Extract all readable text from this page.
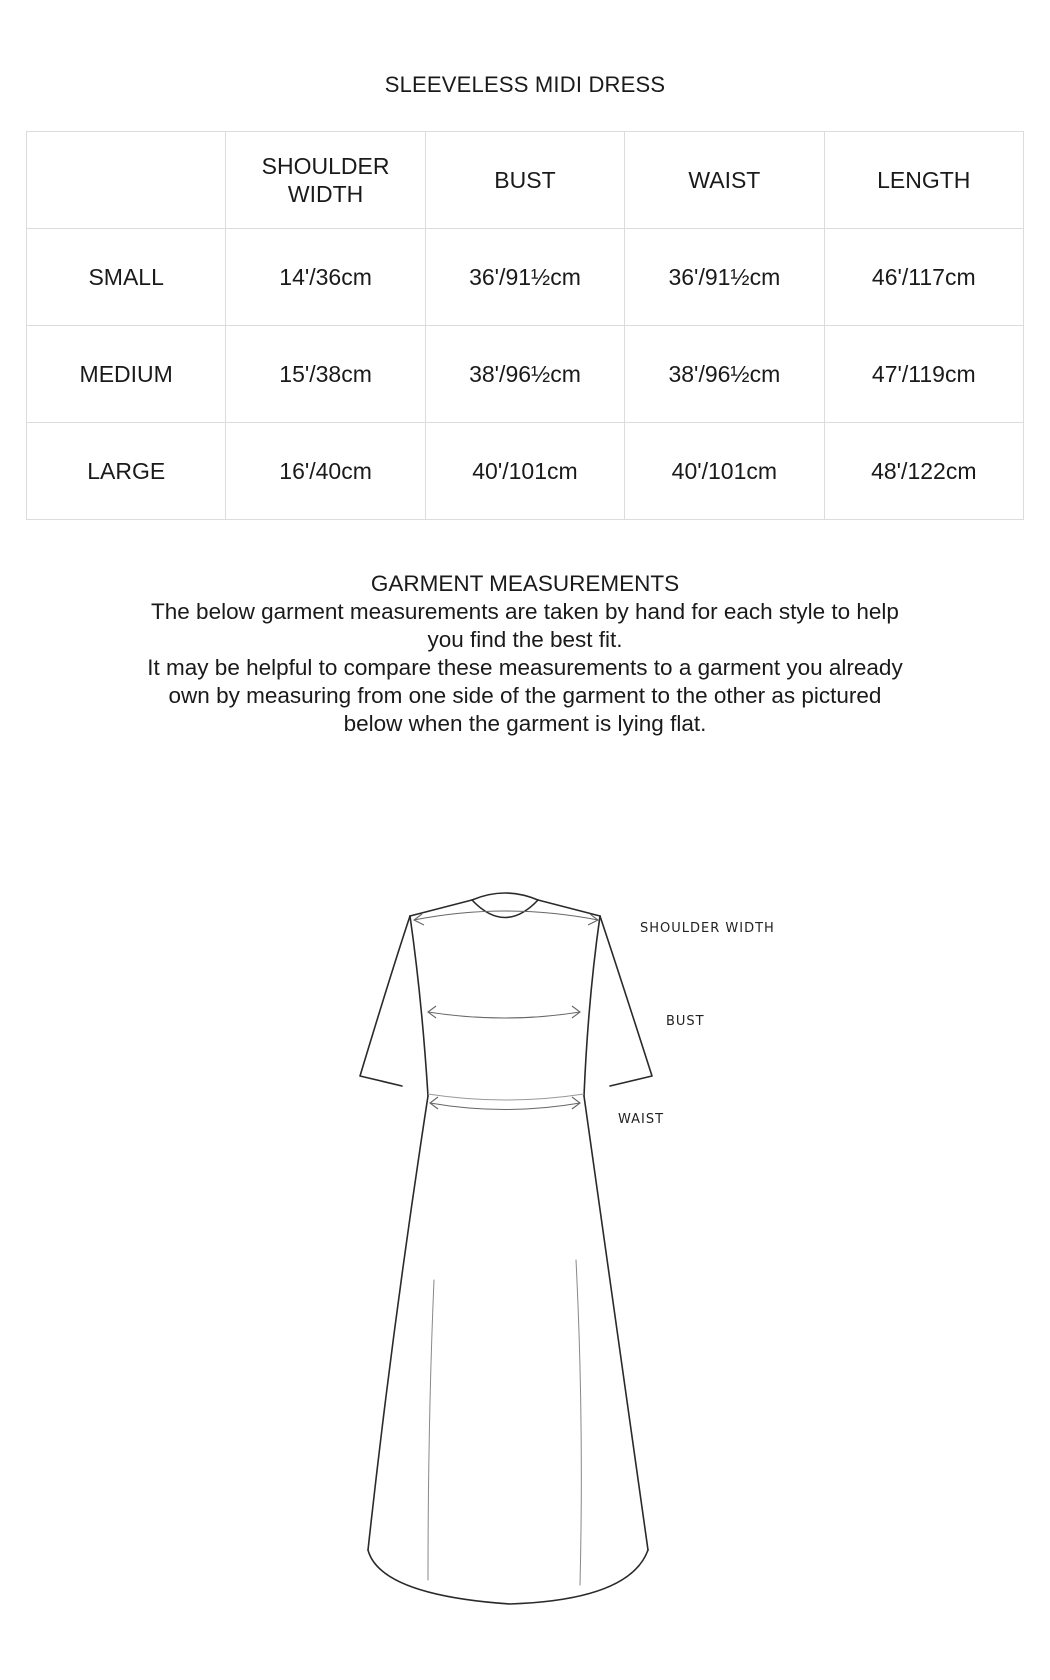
SLEEVELESS MIDI DRESS
	SHOULDER WIDTH	BUST	WAIST	LENGTH
SMALL	14'/36cm	36'/91½cm	36'/91½cm	46'/117cm
MEDIUM	15'/38cm	38'/96½cm	38'/96½cm	47'/119cm
LARGE	16'/40cm	40'/101cm	40'/101cm	48'/122cm

GARMENT MEASUREMENTS

The below garment measurements are taken by hand for each style to help you find the best fit.

It may be helpful to compare these measurements to a garment you already own by measuring from one side of the garment to the other as pictured below when the garment is lying flat.

SHOULDER WIDTH
BUST
WAIST
